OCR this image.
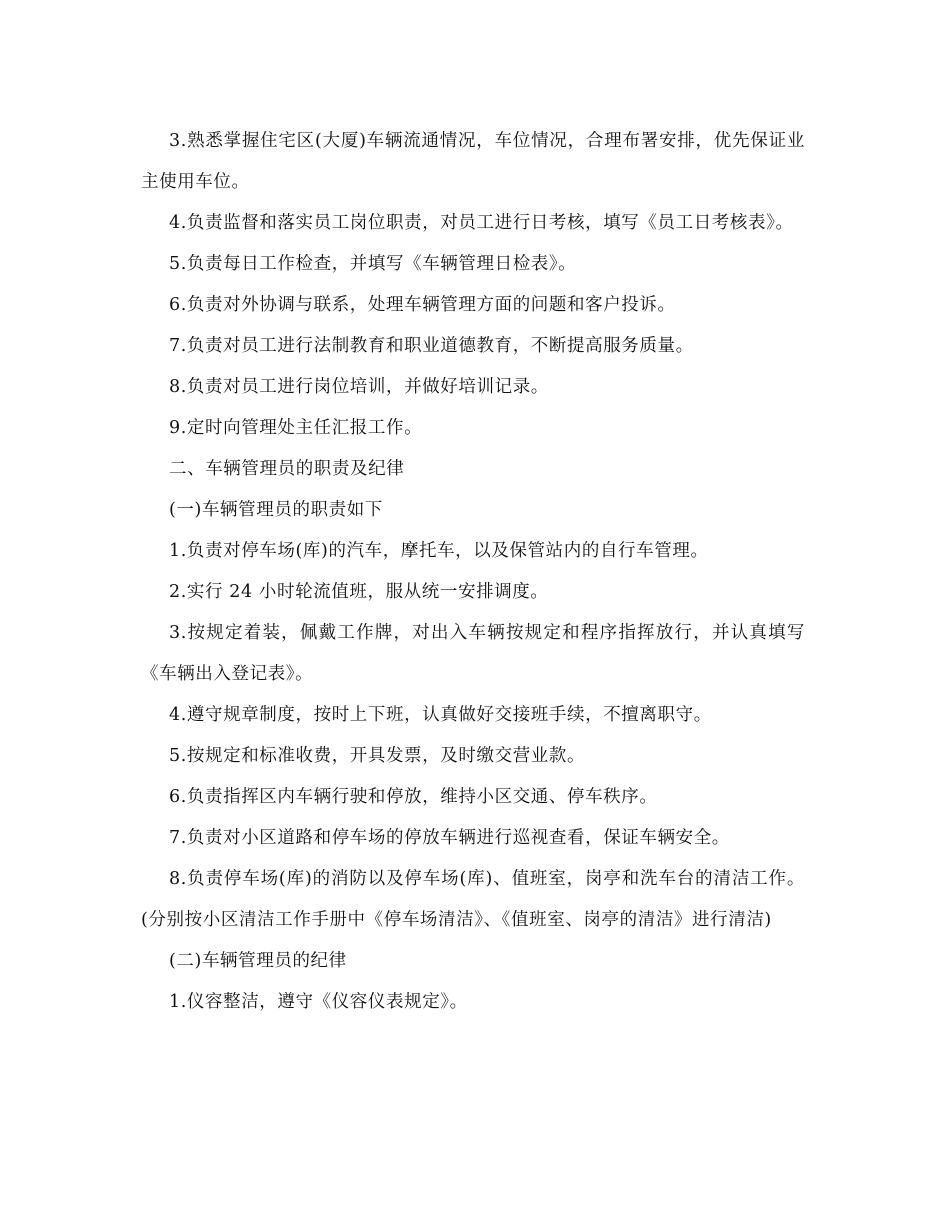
3.熟悉掌握住宅区(大厦)车辆流通情况，车位情况，合理布署安排，优先保证业主使用车位。

4.负责监督和落实员工岗位职责，对员工进行日考核，填写《员工日考核表》。

5.负责每日工作检查，并填写《车辆管理日检表》。

6.负责对外协调与联系，处理车辆管理方面的问题和客户投诉。

7.负责对员工进行法制教育和职业道德教育，不断提高服务质量。

8.负责对员工进行岗位培训，并做好培训记录。

9.定时向管理处主任汇报工作。

二、车辆管理员的职责及纪律

(一)车辆管理员的职责如下

1.负责对停车场(库)的汽车，摩托车，以及保管站内的自行车管理。

2.实行 24 小时轮流值班，服从统一安排调度。

3.按规定着装，佩戴工作牌，对出入车辆按规定和程序指挥放行，并认真填写《车辆出入登记表》。

4.遵守规章制度，按时上下班，认真做好交接班手续，不擅离职守。

5.按规定和标准收费，开具发票，及时缴交营业款。

6.负责指挥区内车辆行驶和停放，维持小区交通、停车秩序。

7.负责对小区道路和停车场的停放车辆进行巡视查看，保证车辆安全。

8.负责停车场(库)的消防以及停车场(库)、值班室，岗亭和洗车台的清洁工作。(分别按小区清洁工作手册中《停车场清洁》、《值班室、岗亭的清洁》进行清洁)

(二)车辆管理员的纪律

1.仪容整洁，遵守《仪容仪表规定》。
